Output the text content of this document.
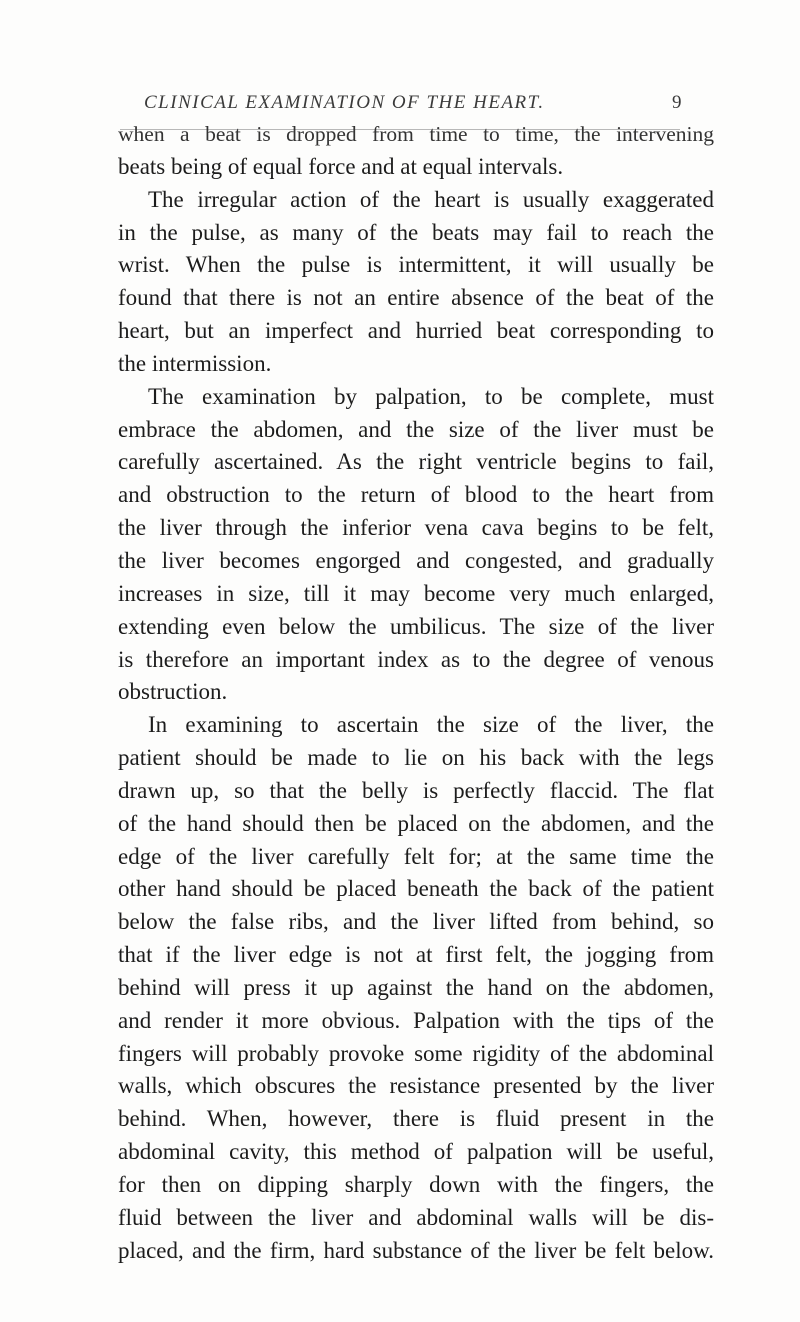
CLINICAL EXAMINATION OF THE HEART.	9
when a beat is dropped from time to time, the intervening
beats being of equal force and at equal intervals.
The irregular action of the heart is usually exaggerated
in the pulse, as many of the beats may fail to reach the
wrist. When the pulse is intermittent, it will usually be
found that there is not an entire absence of the beat of the
heart, but an imperfect and hurried beat corresponding to
the intermission.
The examination by palpation, to be complete, must
embrace the abdomen, and the size of the liver must be
carefully ascertained. As the right ventricle begins to fail,
and obstruction to the return of blood to the heart from
the liver through the inferior vena cava begins to be felt,
the liver becomes engorged and congested, and gradually
increases in size, till it may become very much enlarged,
extending even below the umbilicus. The size of the liver
is therefore an important index as to the degree of venous
obstruction.
In examining to ascertain the size of the liver, the
patient should be made to lie on his back with the legs
drawn up, so that the belly is perfectly flaccid. The flat
of the hand should then be placed on the abdomen, and the
edge of the liver carefully felt for; at the same time the
other hand should be placed beneath the back of the patient
below the false ribs, and the liver lifted from behind, so
that if the liver edge is not at first felt, the jogging from
behind will press it up against the hand on the abdomen,
and render it more obvious. Palpation with the tips of the
fingers will probably provoke some rigidity of the abdominal
walls, which obscures the resistance presented by the liver
behind. When, however, there is fluid present in the
abdominal cavity, this method of palpation will be useful,
for then on dipping sharply down with the fingers, the
fluid between the liver and abdominal walls will be dis-
placed, and the firm, hard substance of the liver be felt below.
